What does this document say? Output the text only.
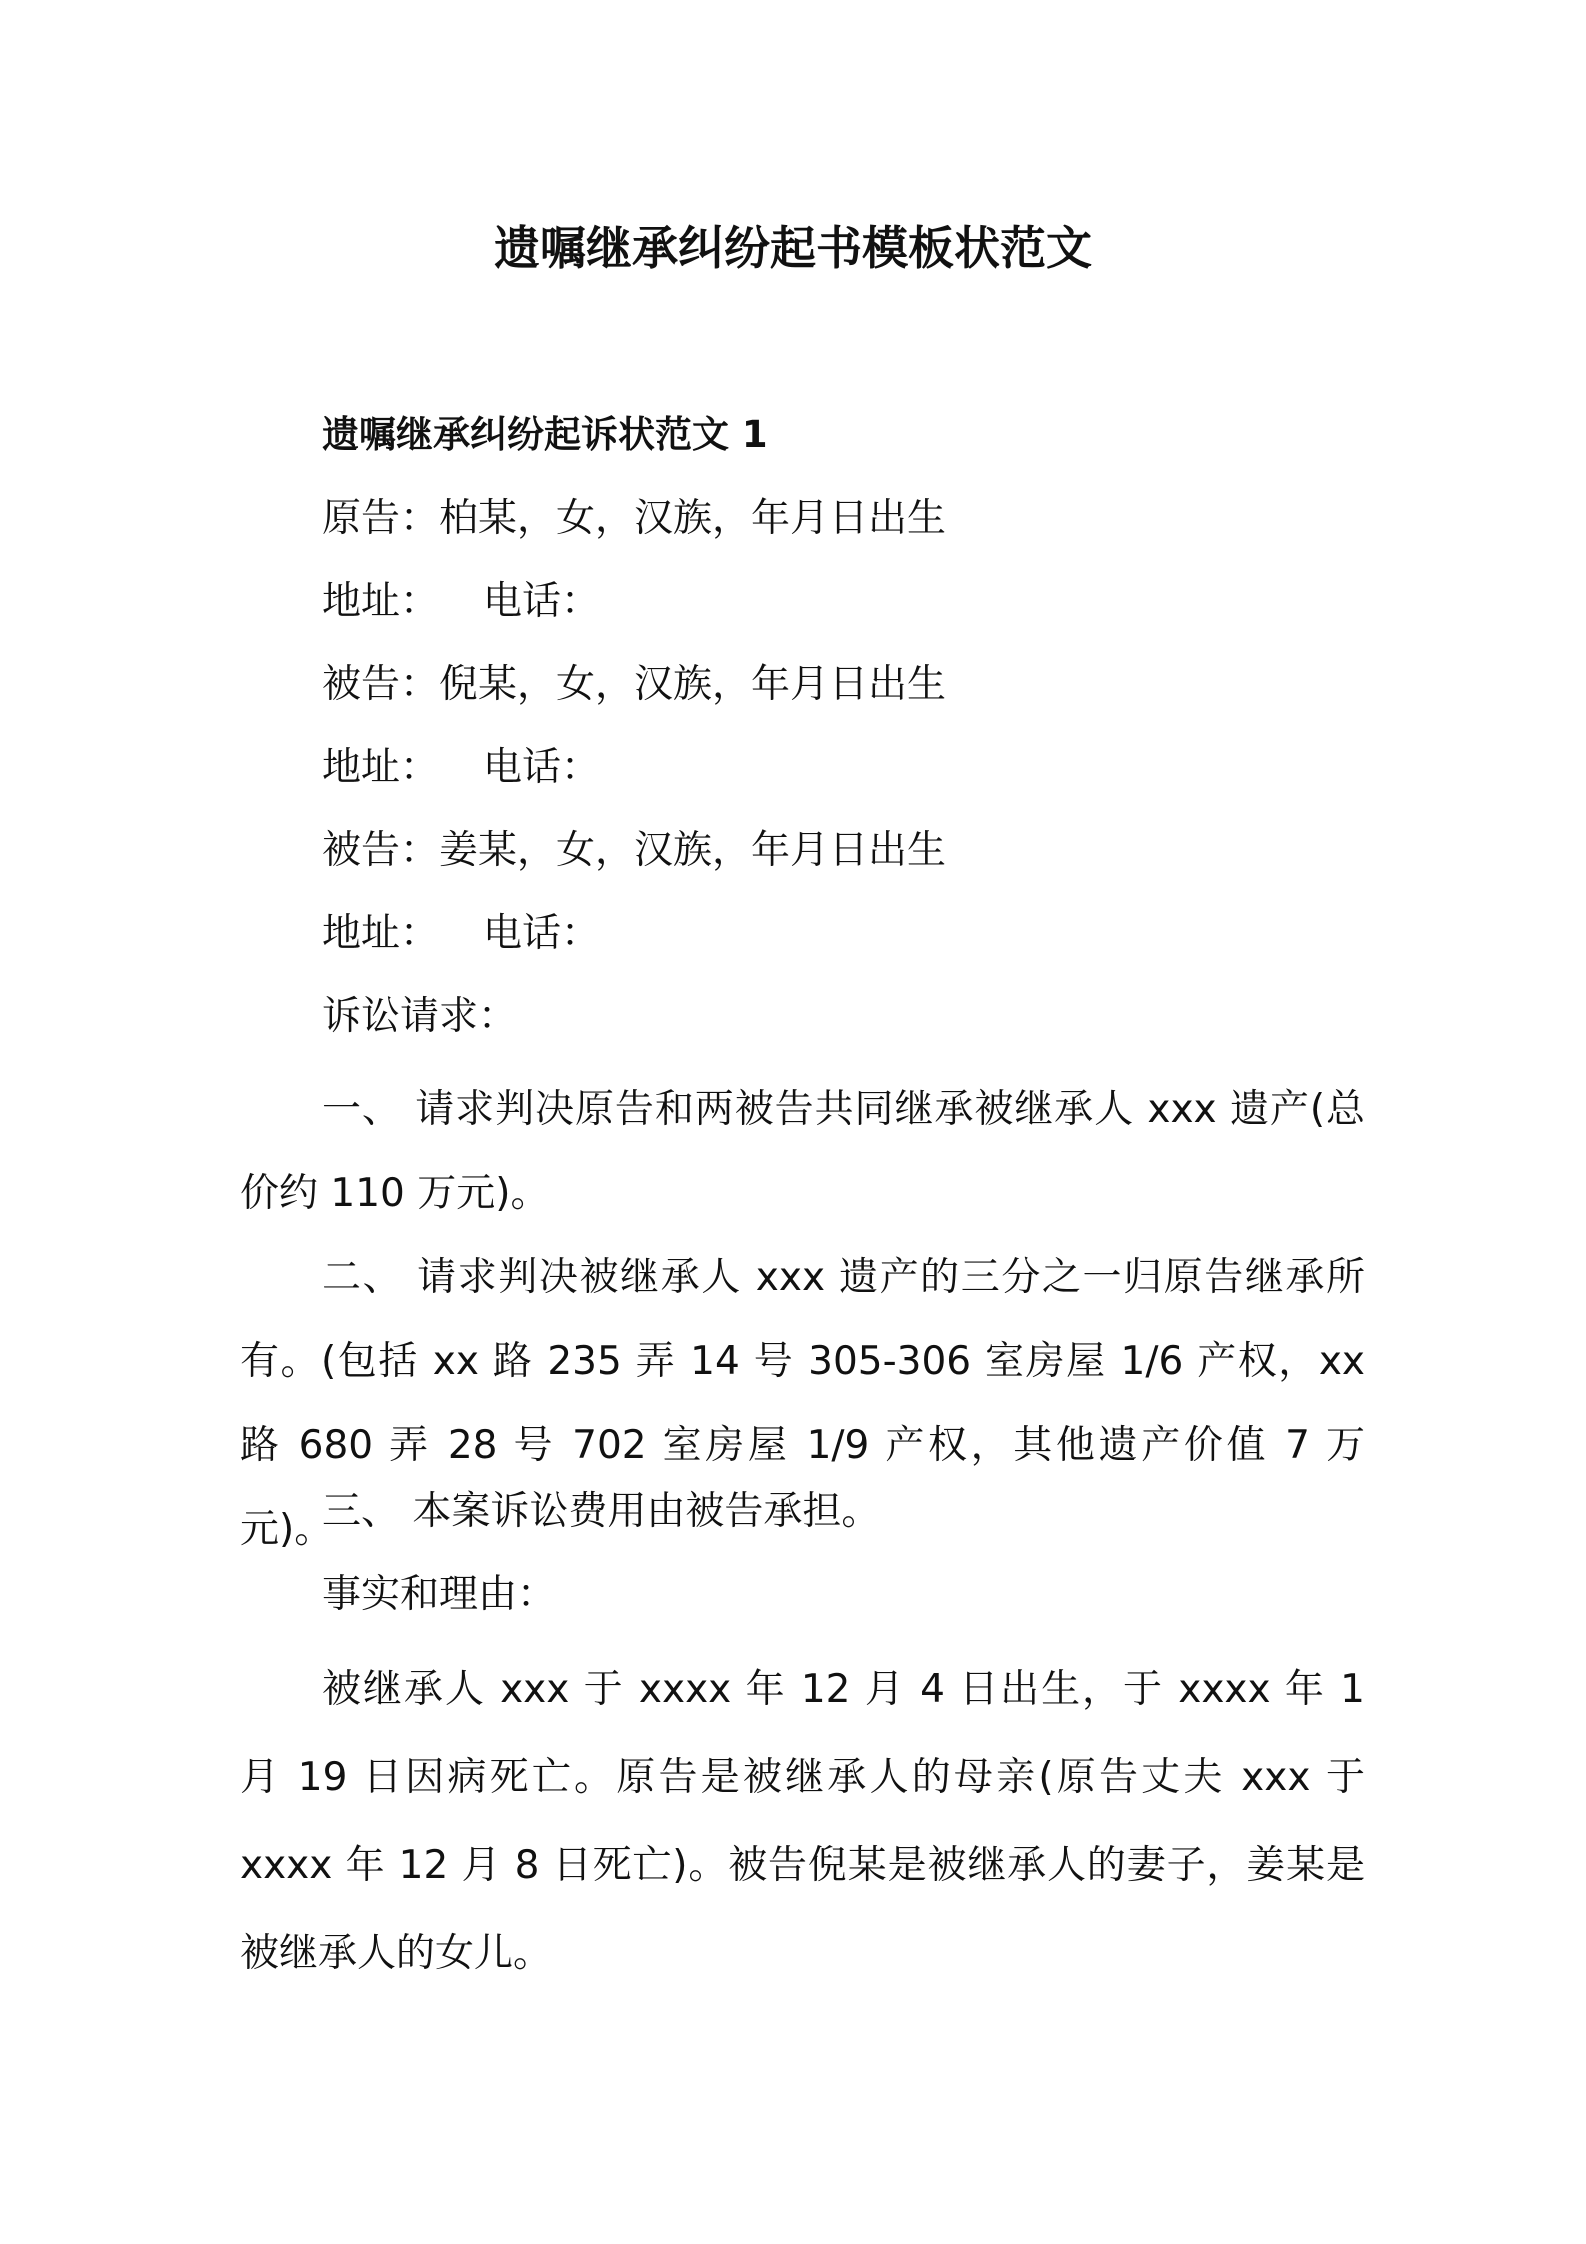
遗嘱继承纠纷起书模板状范文
遗嘱继承纠纷起诉状范文 1

原告：柏某，女，汉族，年月日出生

地址： 电话：

被告：倪某，女，汉族，年月日出生

地址： 电话：

被告：姜某，女，汉族，年月日出生

地址： 电话：

诉讼请求：

一、 请求判决原告和两被告共同继承被继承人 xxx 遗产(总价约 110 万元)。

二、 请求判决被继承人 xxx 遗产的三分之一归原告继承所有。(包括 xx 路 235 弄 14 号 305-306 室房屋 1/6 产权，xx 路 680 弄 28 号 702 室房屋 1/9 产权，其他遗产价值 7 万元)。

三、 本案诉讼费用由被告承担。

事实和理由：

被继承人 xxx 于 xxxx 年 12 月 4 日出生，于 xxxx 年 1 月 19 日因病死亡。原告是被继承人的母亲(原告丈夫 xxx 于 xxxx 年 12 月 8 日死亡)。被告倪某是被继承人的妻子，姜某是被继承人的女儿。
